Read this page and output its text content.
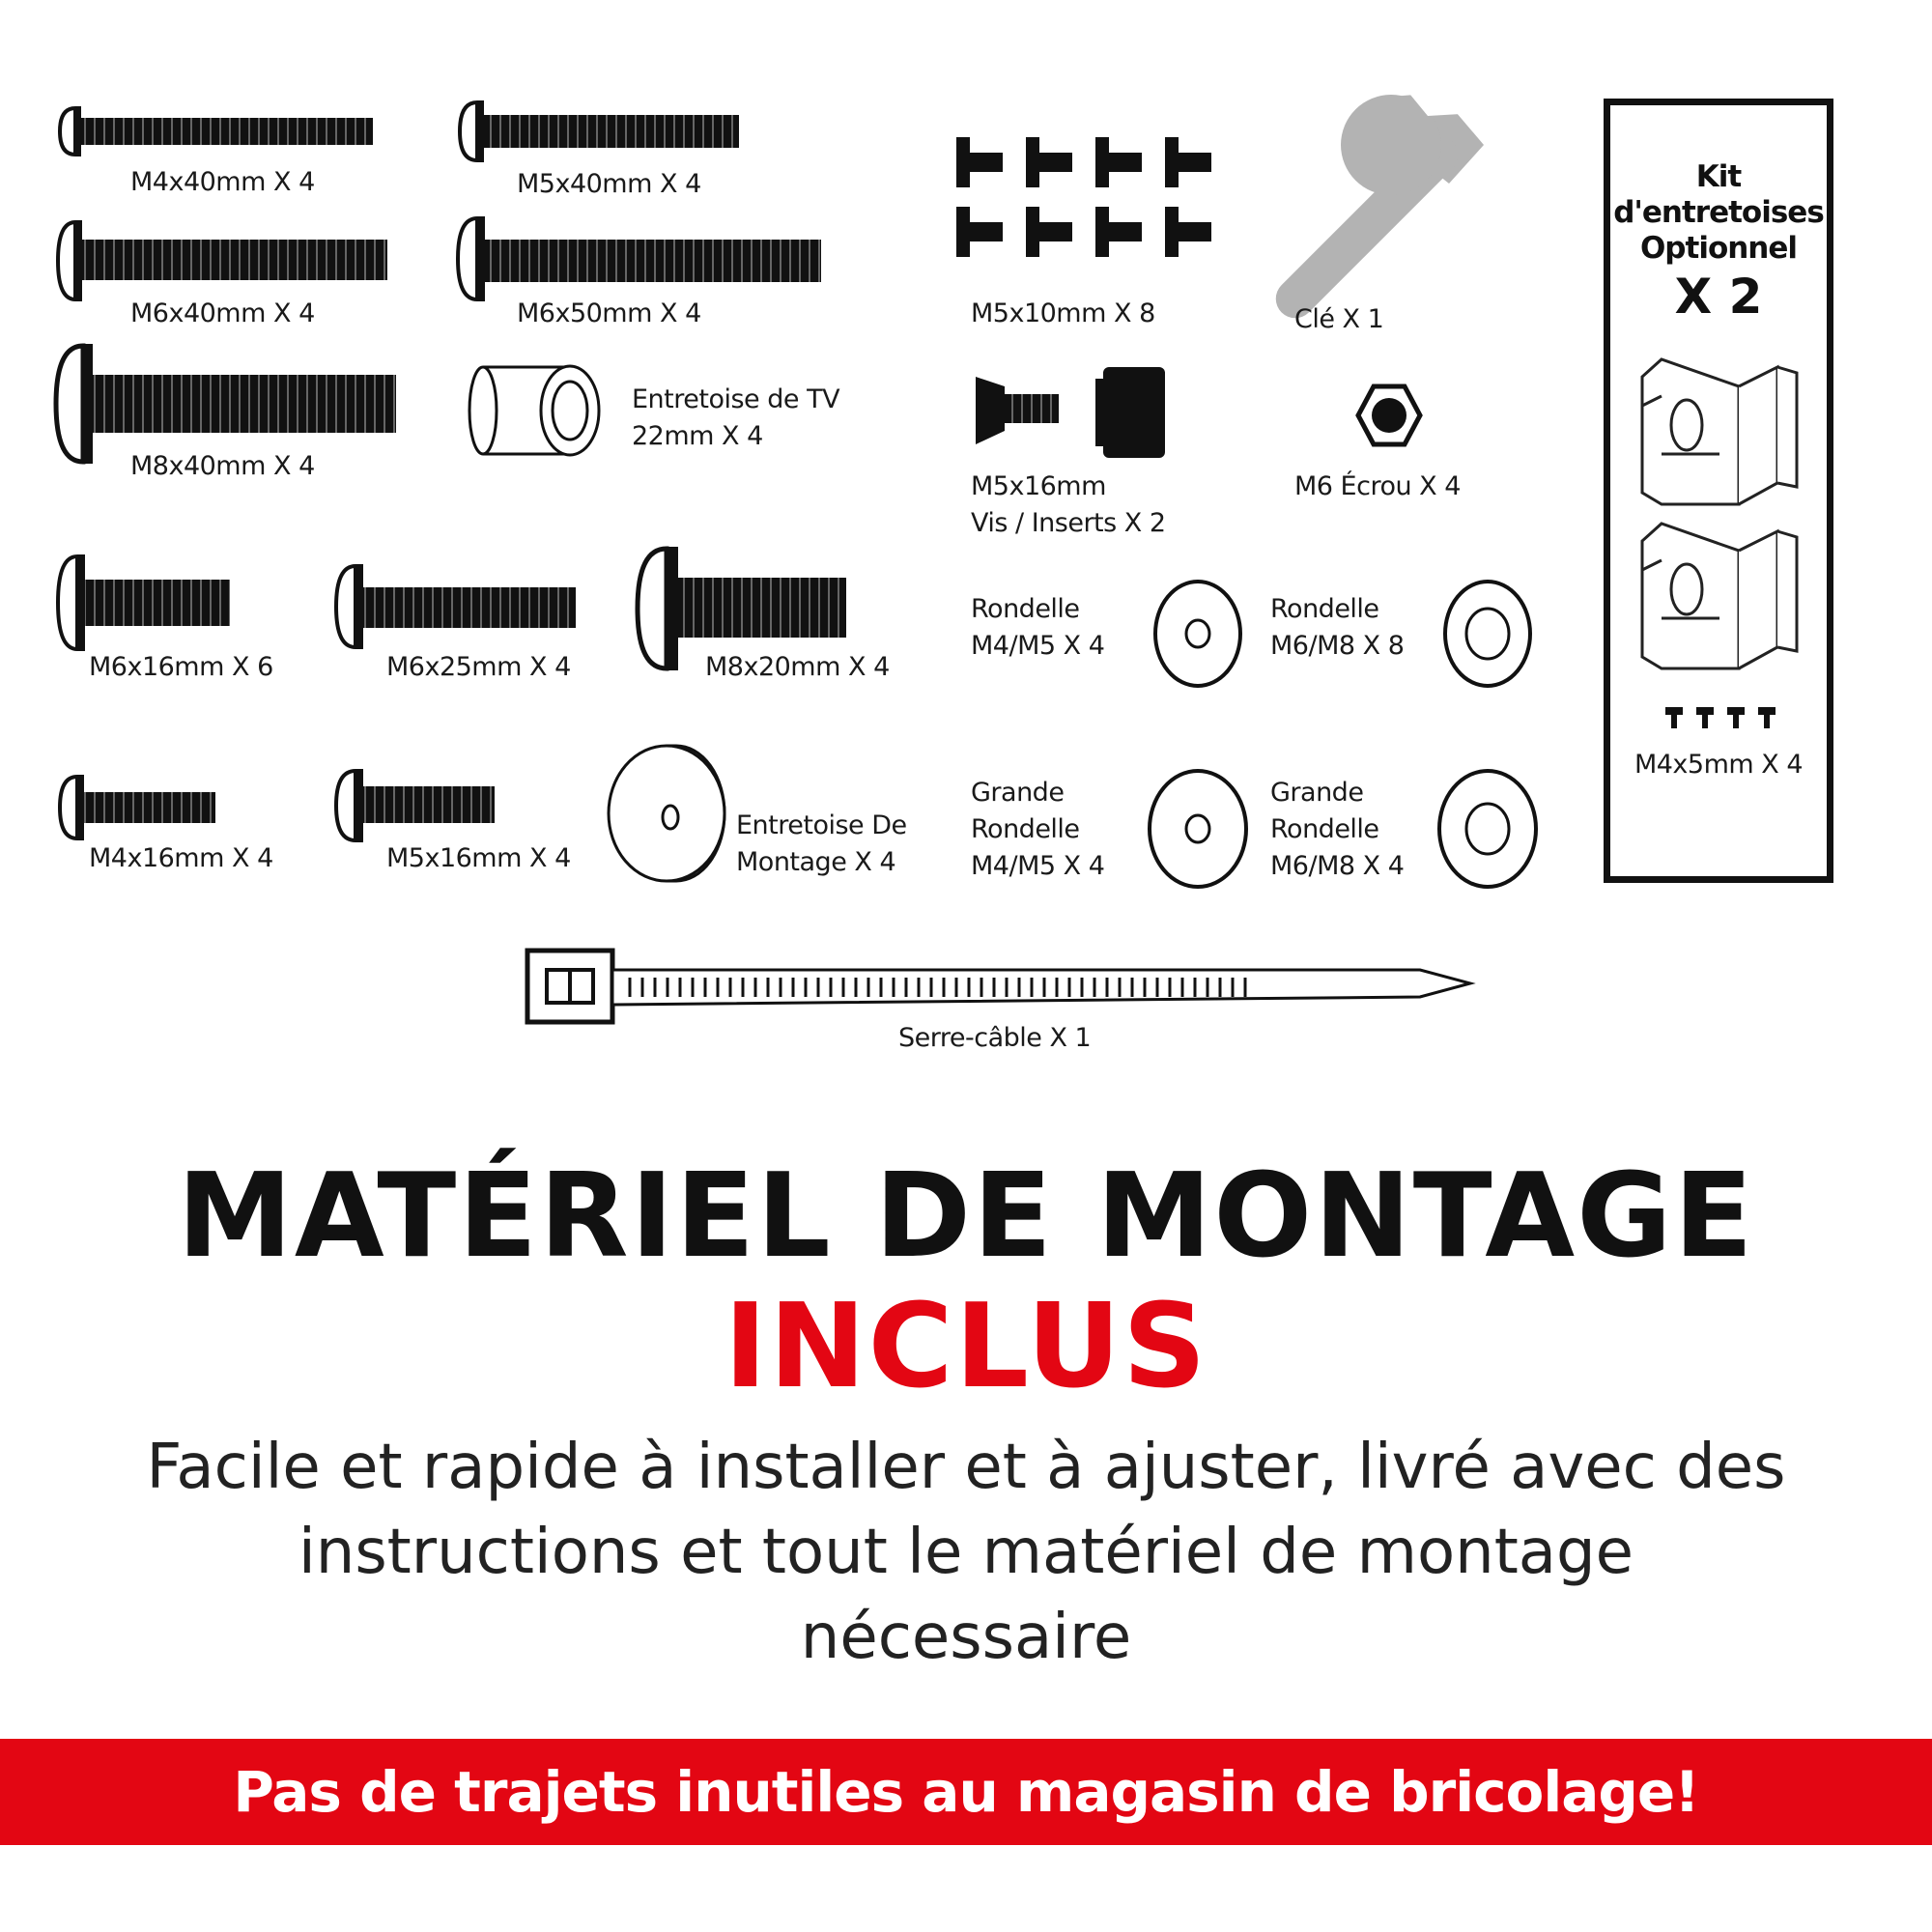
M4x40mm X 4	M5x40mm X 4
M6x40mm X 4	M6x50mm X 4
M8x40mm X 4
Entretoise de TV
22mm X 4
M5x10mm X 8	Clé X 1
M5x16mm
Vis / Inserts X 2
M6 Écrou X 4
M6x16mm X 6	M6x25mm X 4	M8x20mm X 4
Rondelle
M4/M5 X 4
Rondelle
M6/M8 X 8
M4x16mm X 4	M5x16mm X 4
Entretoise De
Montage X 4
Grande
Rondelle
M4/M5 X 4
Grande
Rondelle
M6/M8 X 4
Serre-câble X 1
Kit
d'entretoises
Optionnel
X 2
M4x5mm X 4
MATÉRIEL DE MONTAGE
INCLUS
Facile et rapide à installer et à ajuster, livré avec des instructions et tout le matériel de montage nécessaire
Pas de trajets inutiles au magasin de bricolage!
